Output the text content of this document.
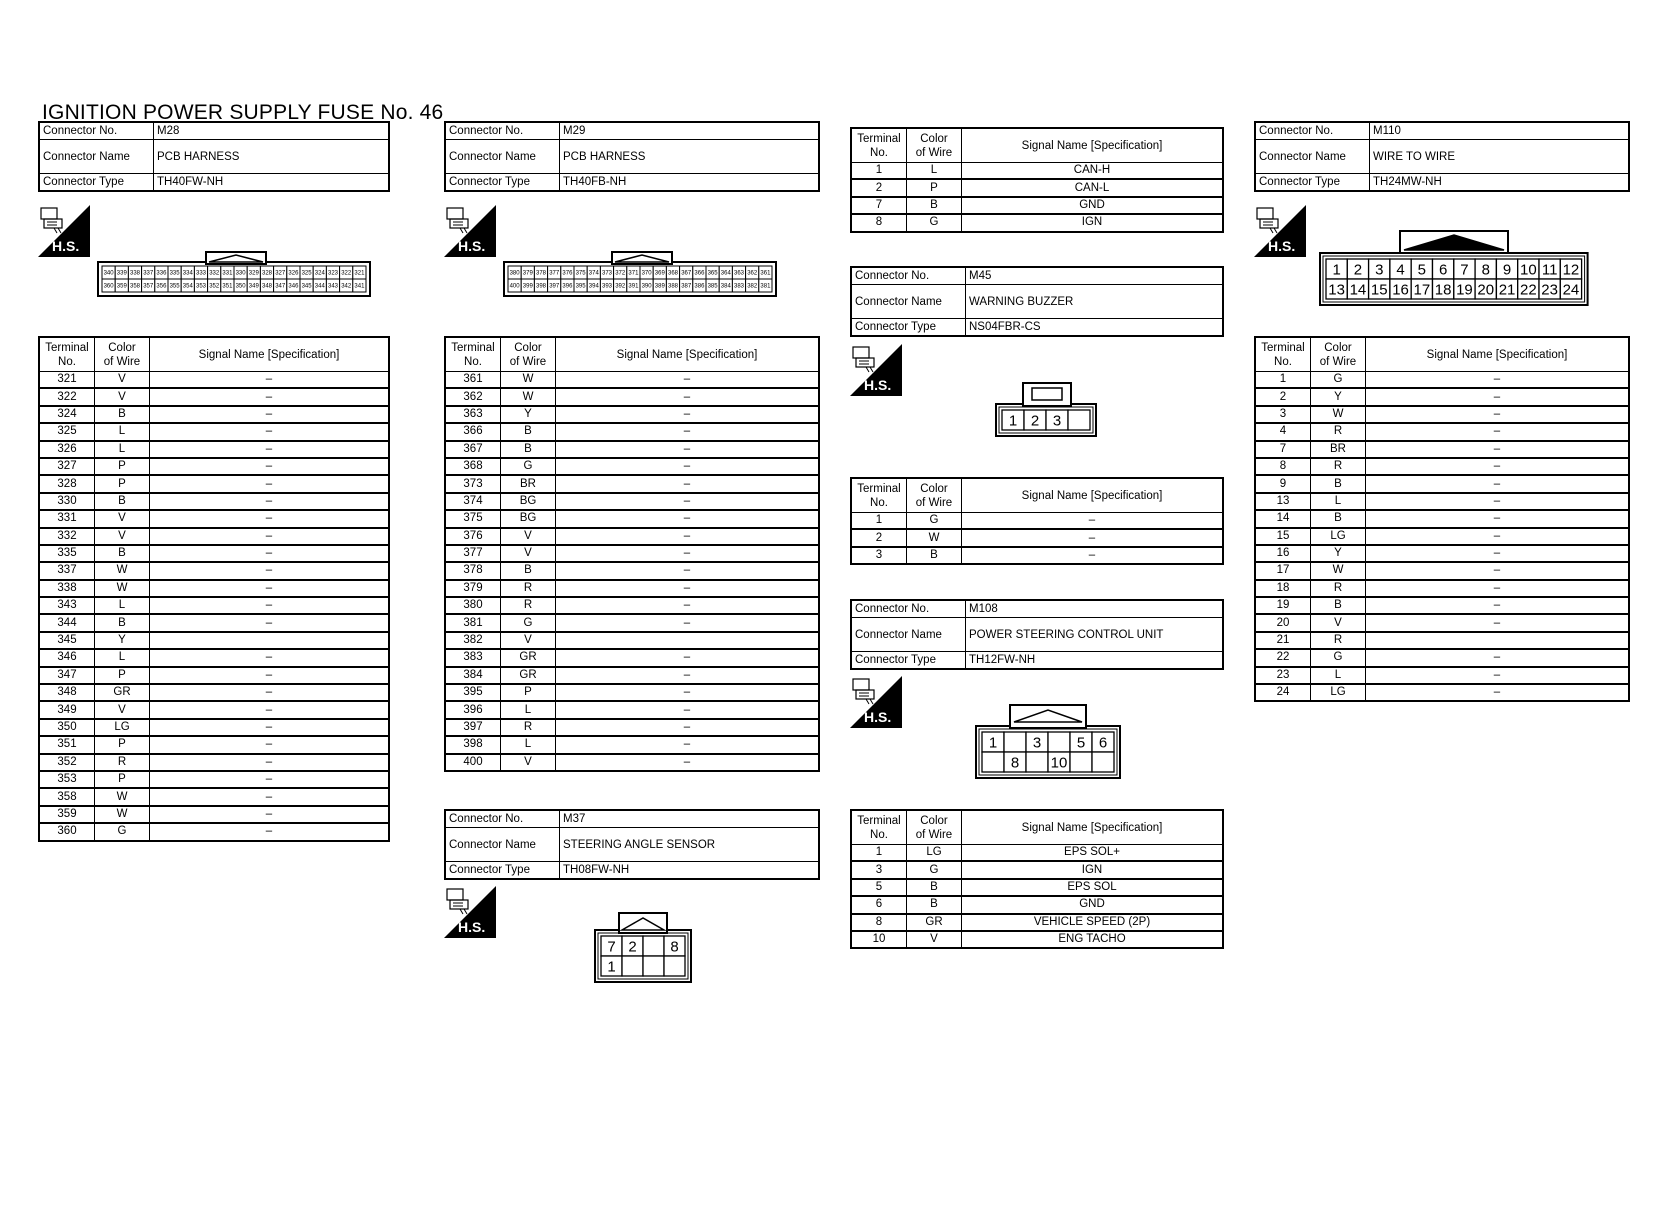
IGNITION POWER SUPPLY FUSE No. 46
Connector No.	M28
Connector Name	PCB HARNESS
Connector Type	TH40FW-NH
H.S.
340 339 338 337 336 335 334 333 332 331 330 329 328 327 326 325 324 323 322 321
360 359 358 357 356 355 354 353 352 351 350 349 348 347 346 345 344 343 342 341
Terminal
No.	Color
of Wire	Signal Name [Specification]
321	V	–
322	V	–
324	B	–
325	L	–
326	L	–
327	P	–
328	P	–
330	B	–
331	V	–
332	V	–
335	B	–
337	W	–
338	W	–
343	L	–
344	B	–
345	Y	
346	L	–
347	P	–
348	GR	–
349	V	–
350	LG	–
351	P	–
352	R	–
353	P	–
358	W	–
359	W	–
360	G	–
Connector No.	M29
Connector Name	PCB HARNESS
Connector Type	TH40FB-NH
H.S.
380 379 378 377 376 375 374 373 372 371 370 369 368 367 366 365 364 363 362 361
400 399 398 397 396 395 394 393 392 391 390 389 388 387 386 385 384 383 382 381
Terminal
No.	Color
of Wire	Signal Name [Specification]
361	W	–
362	W	–
363	Y	–
366	B	–
367	B	–
368	G	–
373	BR	–
374	BG	–
375	BG	–
376	V	–
377	V	–
378	B	–
379	R	–
380	R	–
381	G	–
382	V	
383	GR	–
384	GR	–
395	P	–
396	L	–
397	R	–
398	L	–
400	V	–
Connector No.	M37
Connector Name	STEERING ANGLE SENSOR
Connector Type	TH08FW-NH
H.S.
7 2 8
1
Terminal
No.	Color
of Wire	Signal Name [Specification]
1	L	CAN-H
2	P	CAN-L
7	B	GND
8	G	IGN
Connector No.	M45
Connector Name	WARNING BUZZER
Connector Type	NS04FBR-CS
H.S.
1 2 3
Terminal
No.	Color
of Wire	Signal Name [Specification]
1	G	–
2	W	–
3	B	–
Connector No.	M108
Connector Name	POWER STEERING CONTROL UNIT
Connector Type	TH12FW-NH
H.S.
1 3 5 6
8 10
Terminal
No.	Color
of Wire	Signal Name [Specification]
1	LG	EPS SOL+
3	G	IGN
5	B	EPS SOL
6	B	GND
8	GR	VEHICLE SPEED (2P)
10	V	ENG TACHO
Connector No.	M110
Connector Name	WIRE TO WIRE
Connector Type	TH24MW-NH
H.S.
1 2 3 4 5 6 7 8 9 10 11 12
13 14 15 16 17 18 19 20 21 22 23 24
Terminal
No.	Color
of Wire	Signal Name [Specification]
1	G	–
2	Y	–
3	W	–
4	R	–
7	BR	–
8	R	–
9	B	–
13	L	–
14	B	–
15	LG	–
16	Y	–
17	W	–
18	R	–
19	B	–
20	V	–
21	R	
22	G	–
23	L	–
24	LG	–
